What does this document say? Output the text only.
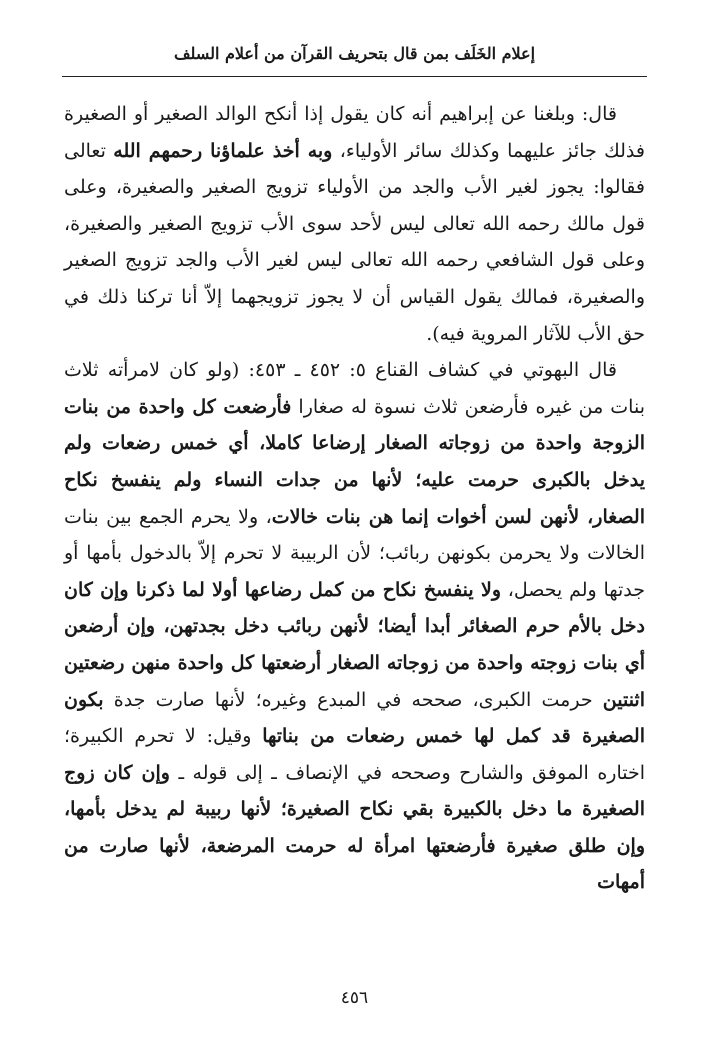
إعلام الخَلَف بمن قال بتحريف القرآن من أعلام السلف

قال: وبلغنا عن إبراهيم أنه كان يقول إذا أنكح الوالد الصغير أو الصغيرة فذلك جائز عليهما وكذلك سائر الأولياء، وبه أخذ علماؤنا رحمهم الله تعالى فقالوا: يجوز لغير الأب والجد من الأولياء تزويج الصغير والصغيرة، وعلى قول مالك رحمه الله تعالى ليس لأحد سوى الأب تزويج الصغير والصغيرة، وعلى قول الشافعي رحمه الله تعالى ليس لغير الأب والجد تزويج الصغير والصغيرة، فمالك يقول القياس أن لا يجوز تزويجهما إلاّ أنا تركنا ذلك في حق الأب للآثار المروية فيه).

قال البهوتي في كشاف القناع ٥: ٤٥٢ ـ ٤٥٣: (ولو كان لامرأته ثلاث بنات من غيره فأرضعن ثلاث نسوة له صغارا فأرضعت كل واحدة من بنات الزوجة واحدة من زوجاته الصغار إرضاعا كاملا، أي خمس رضعات ولم يدخل بالكبرى حرمت عليه؛ لأنها من جدات النساء ولم ينفسخ نكاح الصغار، لأنهن لسن أخوات إنما هن بنات خالات، ولا يحرم الجمع بين بنات الخالات ولا يحرمن بكونهن ربائب؛ لأن الربيبة لا تحرم إلاّ بالدخول بأمها أو جدتها ولم يحصل، ولا ينفسخ نكاح من كمل رضاعها أولا لما ذكرنا وإن كان دخل بالأم حرم الصغائر أبدا أيضا؛ لأنهن ربائب دخل بجدتهن، وإن أرضعن أي بنات زوجته واحدة من زوجاته الصغار أرضعتها كل واحدة منهن رضعتين اثنتين حرمت الكبرى، صححه في المبدع وغيره؛ لأنها صارت جدة بكون الصغيرة قد كمل لها خمس رضعات من بناتها وقيل: لا تحرم الكبيرة؛ اختاره الموفق والشارح وصححه في الإنصاف ـ إلى قوله ـ وإن كان زوج الصغيرة ما دخل بالكبيرة بقي نكاح الصغيرة؛ لأنها ربيبة لم يدخل بأمها، وإن طلق صغيرة فأرضعتها امرأة له حرمت المرضعة، لأنها صارت من أمهات

٤٥٦
